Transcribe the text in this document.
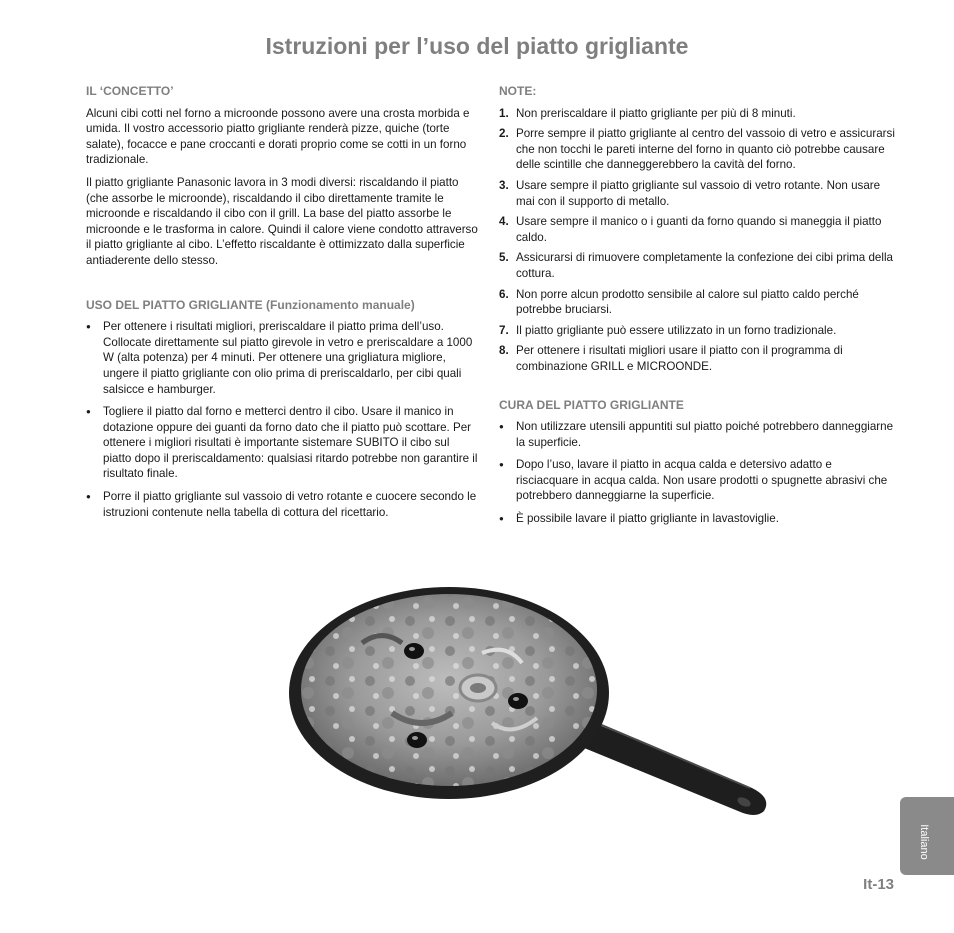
Istruzioni per l’uso del piatto grigliante
IL ‘CONCETTO’

Alcuni cibi cotti nel forno a microonde possono avere una crosta morbida e umida. Il vostro accessorio piatto grigliante renderà pizze, quiche (torte salate), focacce e pane croccanti e dorati proprio come se cotti in un forno tradizionale.

Il piatto grigliante Panasonic lavora in 3 modi diversi: riscaldando il piatto (che assorbe le microonde), riscaldando il cibo direttamente tramite le microonde e riscaldando il cibo con il grill. La base del piatto assorbe le microonde e le trasforma in calore. Quindi il calore viene condotto attraverso il piatto grigliante al cibo. L’effetto riscaldante è ottimizzato dalla superficie antiaderente dello stesso.

USO DEL PIATTO GRIGLIANTE (Funzionamento manuale)
● Per ottenere i risultati migliori, preriscaldare il piatto prima dell’uso. Collocate direttamente sul piatto girevole in vetro e preriscaldare a 1000 W (alta potenza) per 4 minuti. Per ottenere una grigliatura migliore, ungere il piatto grigliante con olio prima di preriscaldarlo, per cibi quali salsicce e hamburger.
● Togliere il piatto dal forno e metterci dentro il cibo. Usare il manico in dotazione oppure dei guanti da forno dato che il piatto può scottare. Per ottenere i migliori risultati è importante sistemare SUBITO il cibo sul piatto dopo il preriscaldamento: qualsiasi ritardo potrebbe non garantire il risultato finale.
● Porre il piatto grigliante sul vassoio di vetro rotante e cuocere secondo le istruzioni contenute nella tabella di cottura del ricettario.
NOTE:
1. Non preriscaldare il piatto grigliante per più di 8 minuti.
2. Porre sempre il piatto grigliante al centro del vassoio di vetro e assicurarsi che non tocchi le pareti interne del forno in quanto ciò potrebbe causare delle scintille che danneggerebbero la cavità del forno.
3. Usare sempre il piatto grigliante sul vassoio di vetro rotante. Non usare mai con il supporto di metallo.
4. Usare sempre il manico o i guanti da forno quando si maneggia il piatto caldo.
5. Assicurarsi di rimuovere completamente la confezione dei cibi prima della cottura.
6. Non porre alcun prodotto sensibile al calore sul piatto caldo perché potrebbe bruciarsi.
7. Il piatto grigliante può essere utilizzato in un forno tradizionale.
8. Per ottenere i risultati migliori usare il piatto con il programma di combinazione GRILL e MICROONDE.
CURA DEL PIATTO GRIGLIANTE
● Non utilizzare utensili appuntiti sul piatto poiché potrebbero danneggiarne la superficie.
● Dopo l’uso, lavare il piatto in acqua calda e detersivo adatto e risciacquare in acqua calda. Non usare prodotti o spugnette abrasivi che potrebbero danneggiarne la superficie.
● È possibile lavare il piatto grigliante in lavastoviglie.
Italiano
It-13
